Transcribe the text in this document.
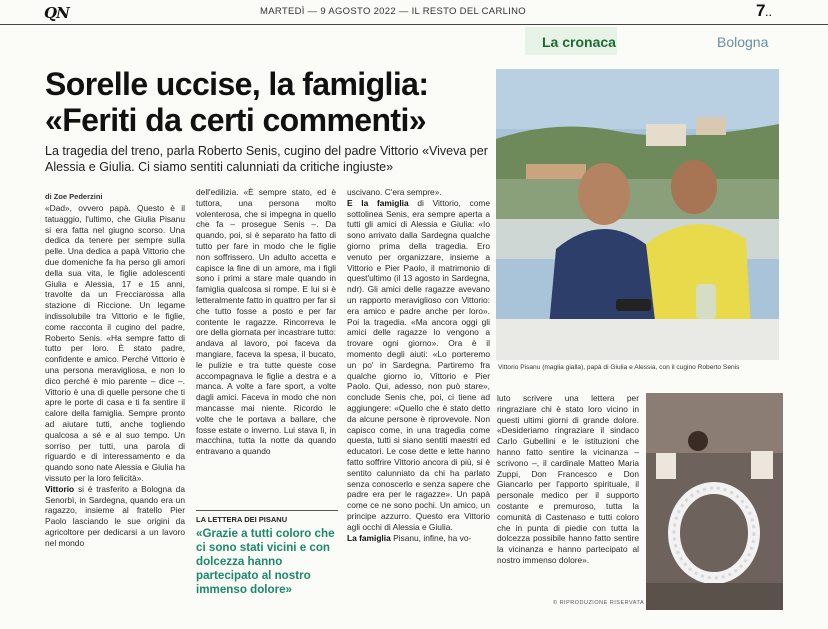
QN	MARTEDÌ — 9 AGOSTO 2022 — IL RESTO DEL CARLINO	7..
La cronaca	Bologna
Sorelle uccise, la famiglia: «Feriti da certi commenti»

La tragedia del treno, parla Roberto Senis, cugino del padre Vittorio «Viveva per Alessia e Giulia. Ci siamo sentiti calunniati da critiche ingiuste»

di Zoe Pederzini
«Dad», ovvero papà. Questo è il tatuaggio, l'ultimo, che Giulia Pisanu si era fatta nel giugno scorso. Una dedica da tenere per sempre sulla pelle. Una dedica a papà Vittorio che due domeniche fa ha perso gli amori della sua vita, le figlie adolescenti Giulia e Alessia, 17 e 15 anni, travolte da un Frecciarossa alla stazione di Riccione. Un legame indissolubile tra Vittorio e le figlie, come racconta il cugino del padre, Roberto Senis. «Ha sempre fatto di tutto per loro. È stato padre, confidente e amico. Perché Vittorio è una persona meravigliosa, e non lo dico perché è mio parente – dice –. Vittorio è una di quelle persone che ti apre le porte di casa e ti fa sentire il calore della famiglia. Sempre pronto ad aiutare tutti, anche togliendo qualcosa a sé e al suo tempo. Un sorriso per tutti, una parola di riguardo e di interessamento e da quando sono nate Alessia e Giulia ha vissuto per la loro felicità».
Vittorio si è trasferito a Bologna da Senorbì, in Sardegna, quando era un ragazzo, insieme al fratello Pier Paolo lasciando le sue origini da agricoltore per dedicarsi a un lavoro nel mondo
dell'edilizia. «È sempre stato, ed è tuttora, una persona molto volenterosa, che si impegna in quello che fa – prosegue Senis –. Da quando, poi, si è separato ha fatto di tutto per fare in modo che le figlie non soffrissero. Un adulto accetta e capisce la fine di un amore, ma i figli sono i primi a stare male quando in famiglia qualcosa si rompe. E lui si è letteralmente fatto in quattro per far sì che tutto fosse a posto e per far contente le ragazze. Rincorreva le ore della giornata per incastrare tutto: andava al lavoro, poi faceva da mangiare, faceva la spesa, il bucato, le pulizie e tra tutte queste cose accompagnava le figlie a destra e a manca. A volte a fare sport, a volte dagli amici. Faceva in modo che non mancasse mai niente. Ricordo le volte che le portava a ballare, che fosse estate o inverno. Lui stava lì, in macchina, tutta la notte da quando entravano a quando
LA LETTERA DEI PISANU
«Grazie a tutti coloro che ci sono stati vicini e con dolcezza hanno partecipato al nostro immenso dolore»
uscivano. C'era sempre».
E la famiglia di Vittorio, come sottolinea Senis, era sempre aperta a tutti gli amici di Alessia e Giulia: «Io sono arrivato dalla Sardegna qualche giorno prima della tragedia. Ero venuto per organizzare, insieme a Vittorio e Pier Paolo, il matrimonio di quest'ultimo (il 13 agosto in Sardegna, ndr). Gli amici delle ragazze avevano un rapporto meraviglioso con Vittorio: era amico e padre anche per loro». Poi la tragedia. «Ma ancora oggi gli amici delle ragazze lo vengono a trovare ogni giorno». Ora è il momento degli aiuti: «Lo porteremo un po' in Sardegna. Partiremo fra qualche giorno io, Vittorio e Pier Paolo. Qui, adesso, non può stare», conclude Senis che, poi, ci tiene ad aggiungere: «Quello che è stato detto da alcune persone è riprovevole. Non capisco come, in una tragedia come questa, tutti si siano sentiti maestri ed educatori. Le cose dette e lette hanno fatto soffrire Vittorio ancora di più, si è sentito calunniato da chi ha parlato senza conoscerlo e senza sapere che padre era per le ragazze». Un papà come ce ne sono pochi. Un amico, un principe azzurro. Questo era Vittorio agli occhi di Alessia e Giulia.
La famiglia Pisanu, infine, ha vo-
Vittorio Pisanu (maglia gialla), papà di Giulia e Alessia, con il cugino Roberto Senis
luto scrivere una lettera per ringraziare chi è stato loro vicino in questi ultimi giorni di grande dolore. «Desideriamo ringraziare il sindaco Carlo Gubellini e le istituzioni che hanno fatto sentire la vicinanza – scrivono –, il cardinale Matteo Maria Zuppi, Don Francesco e Don Giancarlo per l'apporto spirituale, il personale medico per il supporto costante e premuroso, tutta la comunità di Castenaso e tutti coloro che in punta di piedie con tutta la dolcezza possibile hanno fatto sentire la vicinanza e hanno partecipato al nostro immenso dolore».
© RIPRODUZIONE RISERVATA
